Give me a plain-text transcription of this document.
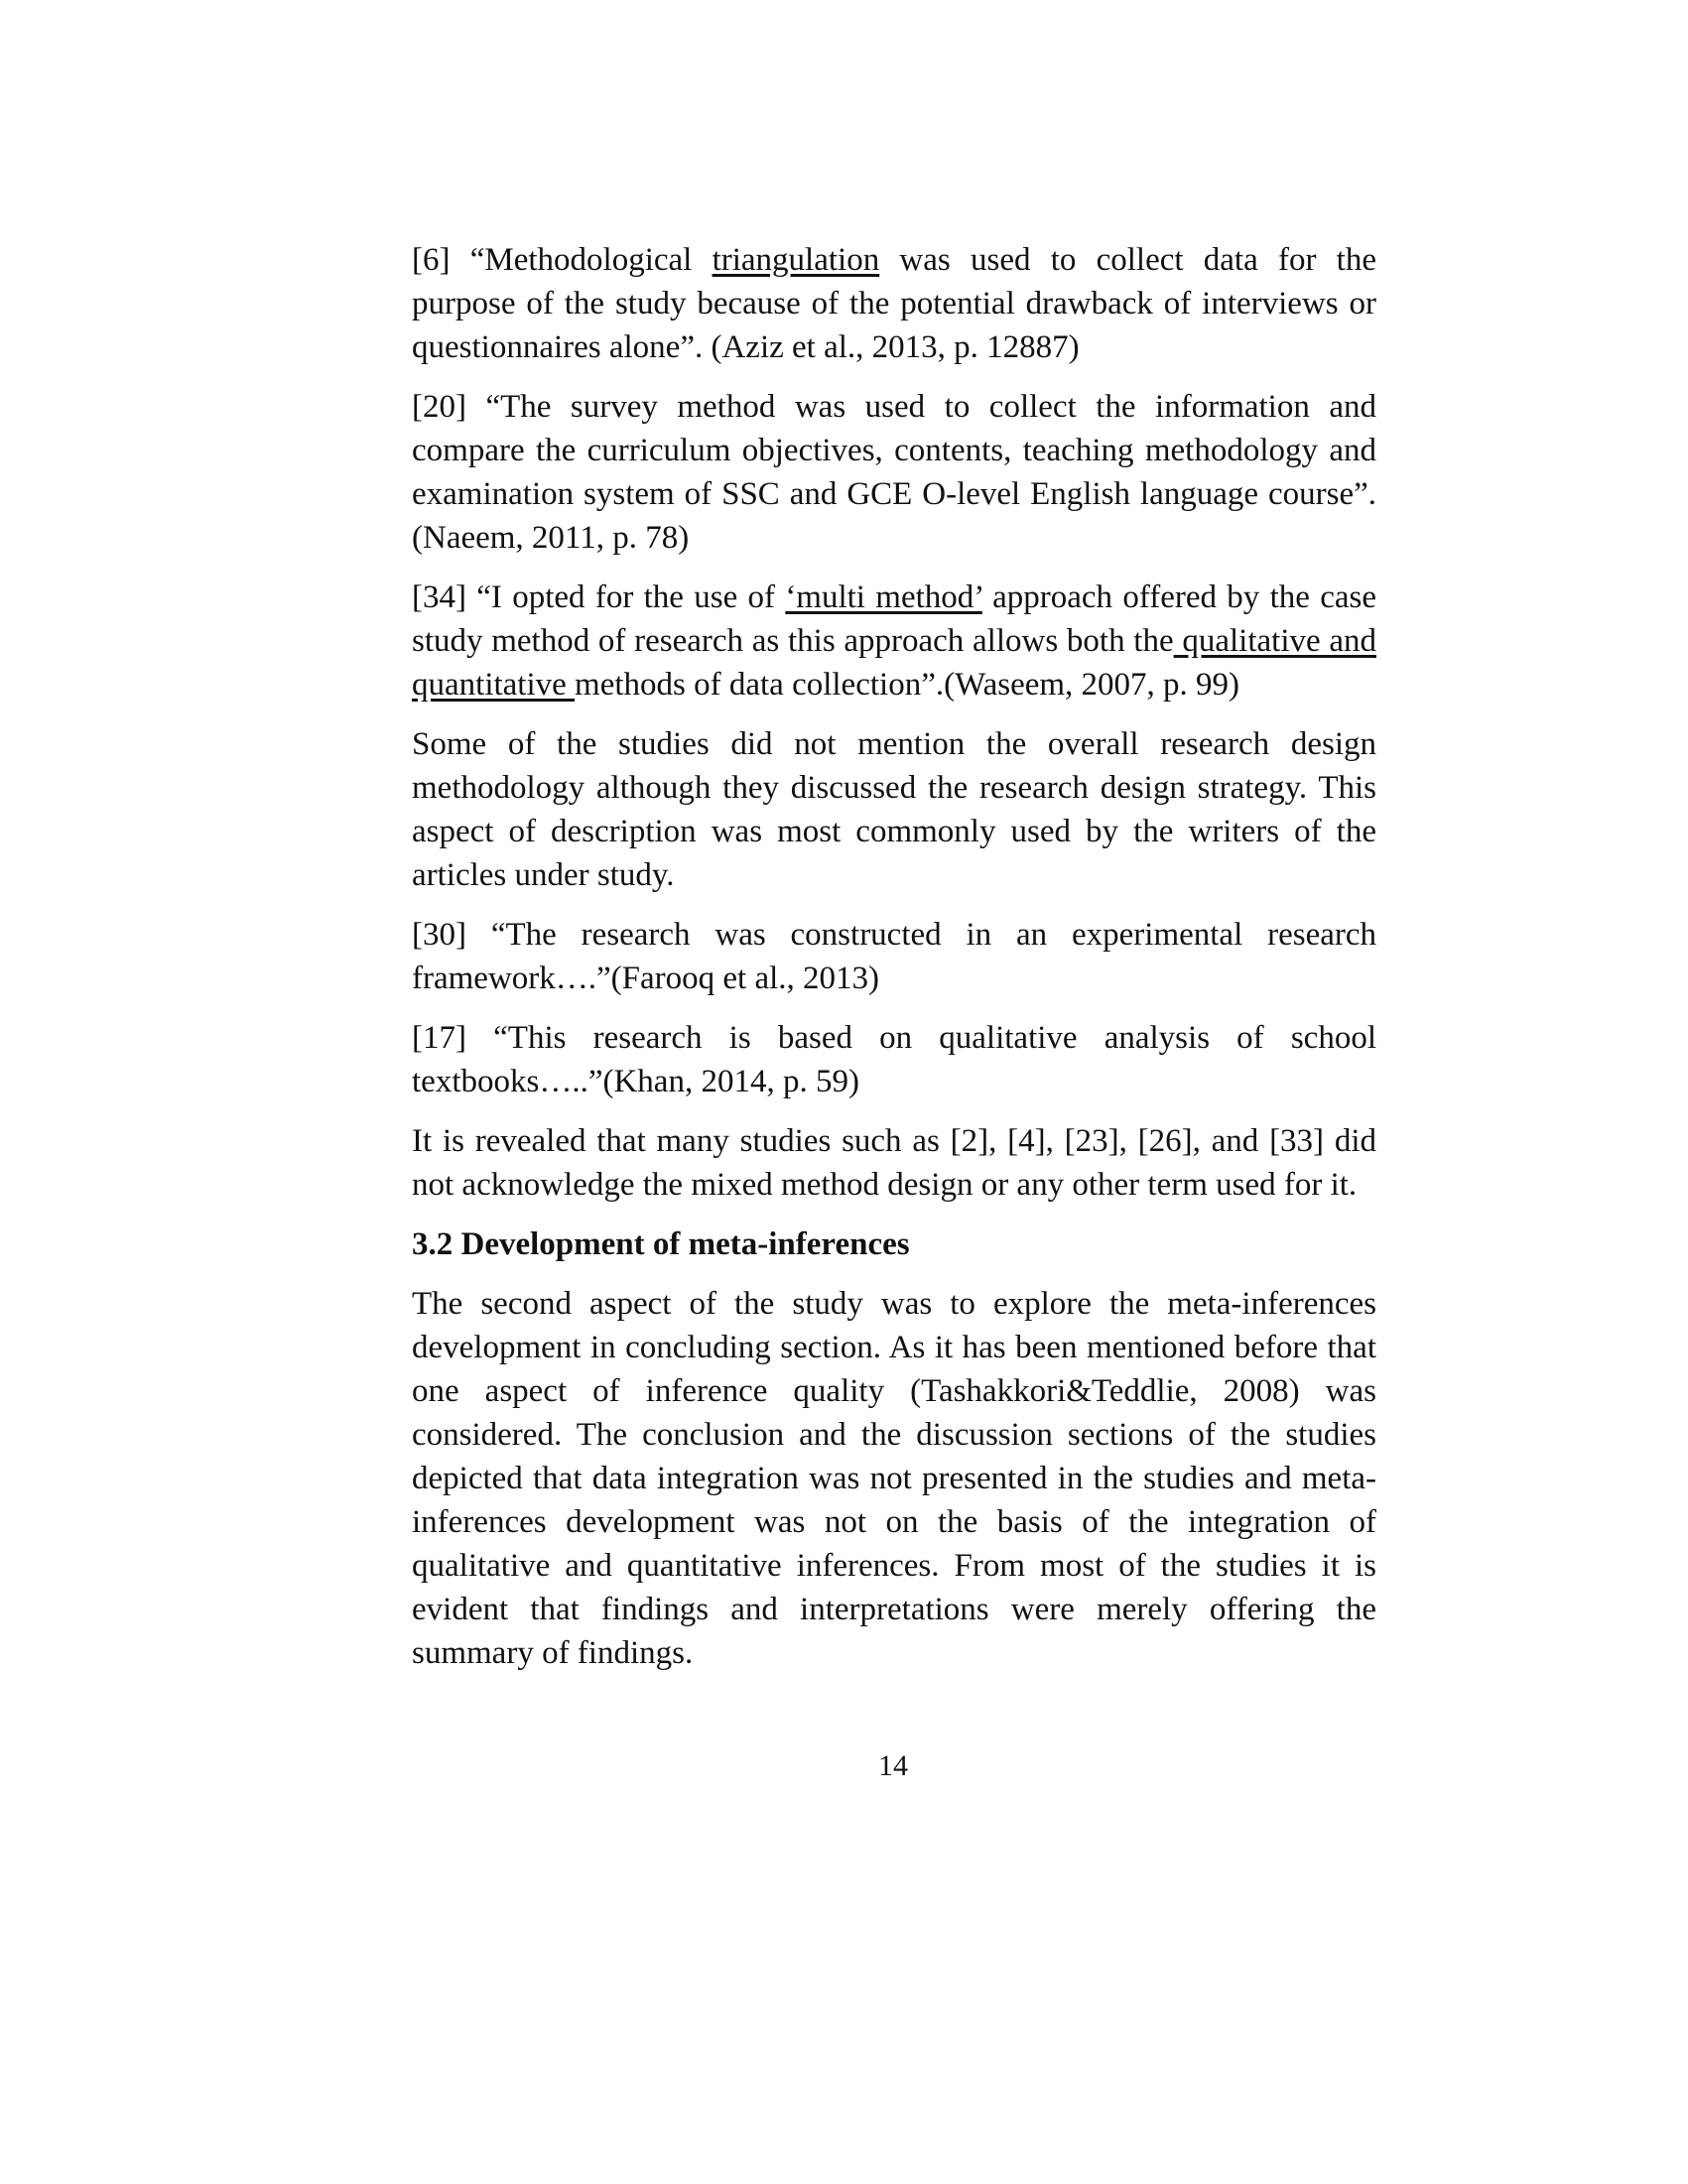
[6] “Methodological triangulation was used to collect data for the purpose of the study because of the potential drawback of interviews or questionnaires alone”. (Aziz et al., 2013, p. 12887)

[20] “The survey method was used to collect the information and compare the curriculum objectives, contents, teaching methodology and examination system of SSC and GCE O-level English language course”.(Naeem, 2011, p. 78)

[34] “I opted for the use of ‘multi method’ approach offered by the case study method of research as this approach allows both the qualitative and quantitative methods of data collection”.(Waseem, 2007, p. 99)

Some of the studies did not mention the overall research design methodology although they discussed the research design strategy. This aspect of description was most commonly used by the writers of the articles under study.

[30] “The research was constructed in an experimental research framework….”(Farooq et al., 2013)

[17] “This research is based on qualitative analysis of school textbooks…..”(Khan, 2014, p. 59)

It is revealed that many studies such as [2], [4], [23], [26], and [33] did not acknowledge the mixed method design or any other term used for it.

3.2 Development of meta-inferences

The second aspect of the study was to explore the meta-inferences development in concluding section. As it has been mentioned before that one aspect of inference quality (Tashakkori&Teddlie, 2008) was considered. The conclusion and the discussion sections of the studies depicted that data integration was not presented in the studies and meta-inferences development was not on the basis of the integration of qualitative and quantitative inferences. From most of the studies it is evident that findings and interpretations were merely offering the summary of findings.

14
